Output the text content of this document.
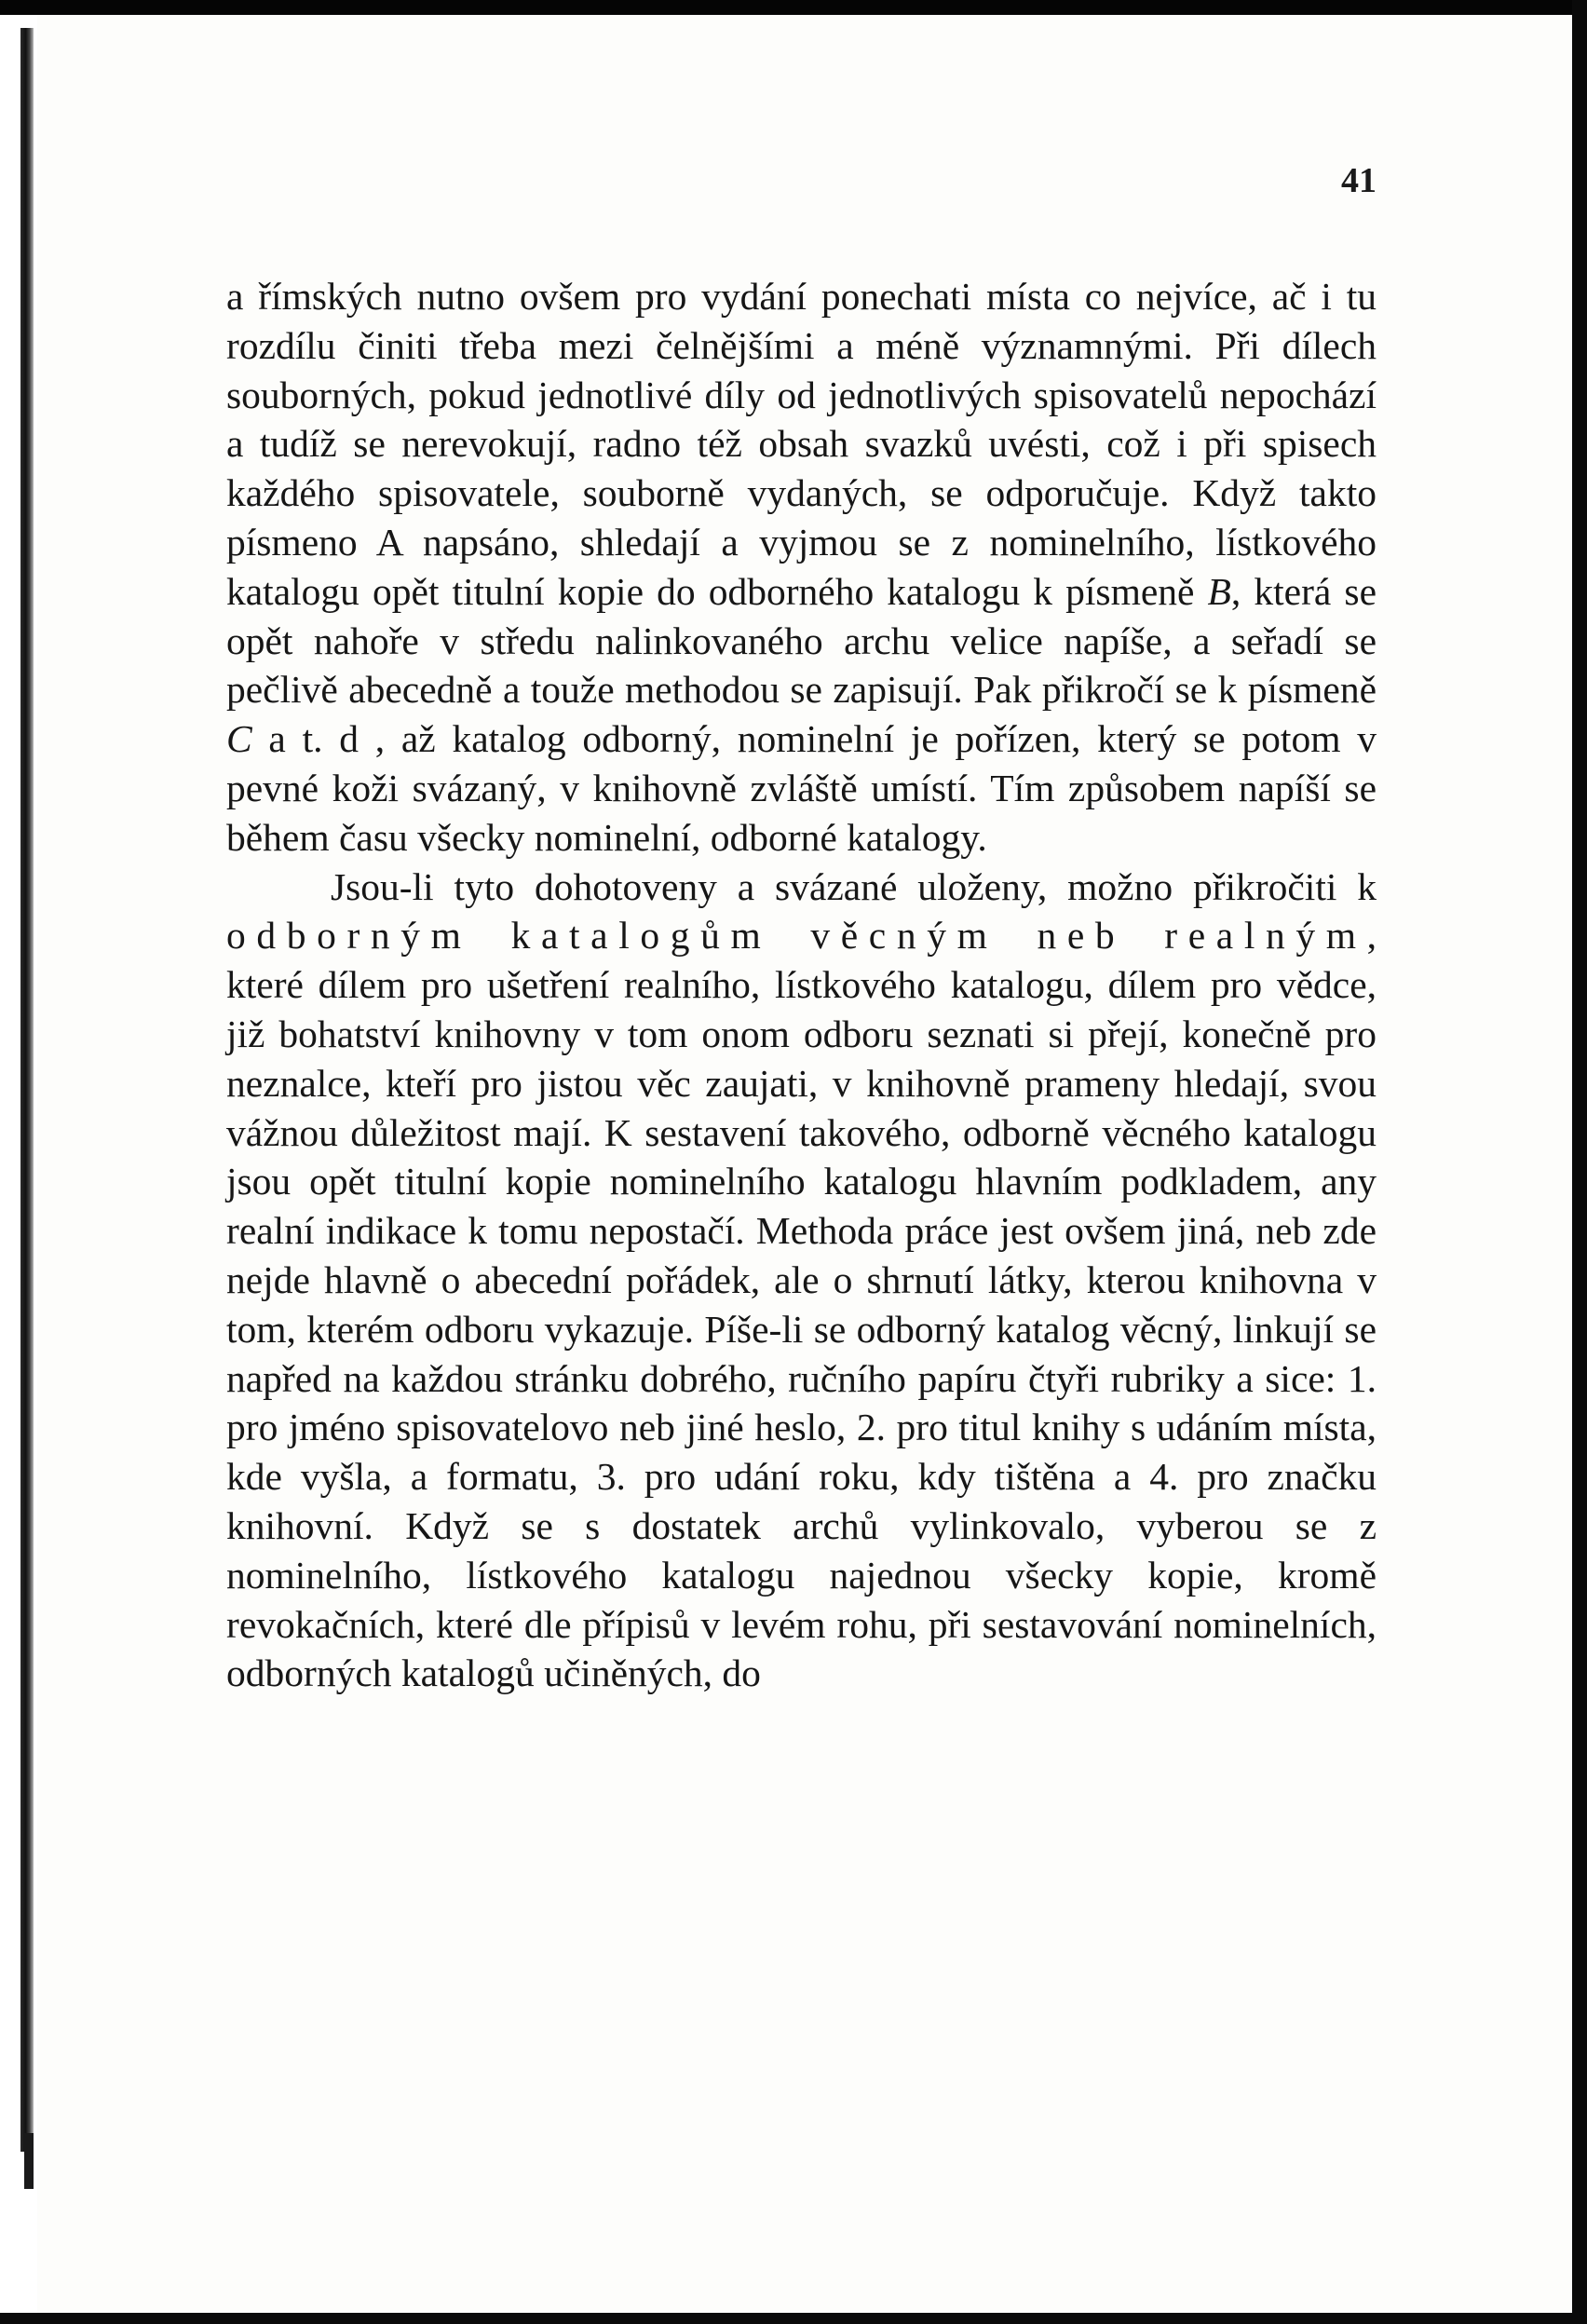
41

a římských nutno ovšem pro vydání ponechati místa co nejvíce, ač i tu rozdílu činiti třeba mezi čelnějšími a méně významnými. Při dílech souborných, pokud jednotlivé díly od jednotlivých spisovatelů nepochází a tudíž se nerevokují, radno též obsah svazků uvésti, což i při spisech každého spisovatele, souborně vydaných, se odporučuje. Když takto písmeno A napsáno, shledají a vyjmou se z nominelního, lístkového katalogu opět titulní kopie do odborného katalogu k písmeně B, která se opět nahoře v středu nalinkovaného archu velice napíše, a seřadí se pečlivě abecedně a touže methodou se zapisují. Pak přikročí se k písmeně C a t. d , až katalog odborný, nominelní je pořízen, který se potom v pevné koži svázaný, v knihovně zvláště umístí. Tím způsobem napíší se během času všecky nominelní, odborné katalogy.

Jsou-li tyto dohotoveny a svázané uloženy, možno přikročiti k odborným katalogům věcným neb realným, které dílem pro ušetření realního, lístkového katalogu, dílem pro vědce, již bohatství knihovny v tom onom odboru seznati si přejí, konečně pro neznalce, kteří pro jistou věc zaujati, v knihovně prameny hledají, svou vážnou důležitost mají. K sestavení takového, odborně věcného katalogu jsou opět titulní kopie nominelního katalogu hlavním podkladem, any realní indikace k tomu nepostačí. Methoda práce jest ovšem jiná, neb zde nejde hlavně o abecední pořádek, ale o shrnutí látky, kterou knihovna v tom, kterém odboru vykazuje. Píše-li se odborný katalog věcný, linkují se napřed na každou stránku dobrého, ručního papíru čtyři rubriky a sice: 1. pro jméno spisovatelovo neb jiné heslo, 2. pro titul knihy s udáním místa, kde vyšla, a formatu, 3. pro udání roku, kdy tištěna a 4. pro značku knihovní. Když se s dostatek archů vylinkovalo, vyberou se z nominelního, lístkového katalogu najednou všecky kopie, kromě revokačních, které dle přípisů v levém rohu, při sestavování nominelních, odborných katalogů učiněných, do
